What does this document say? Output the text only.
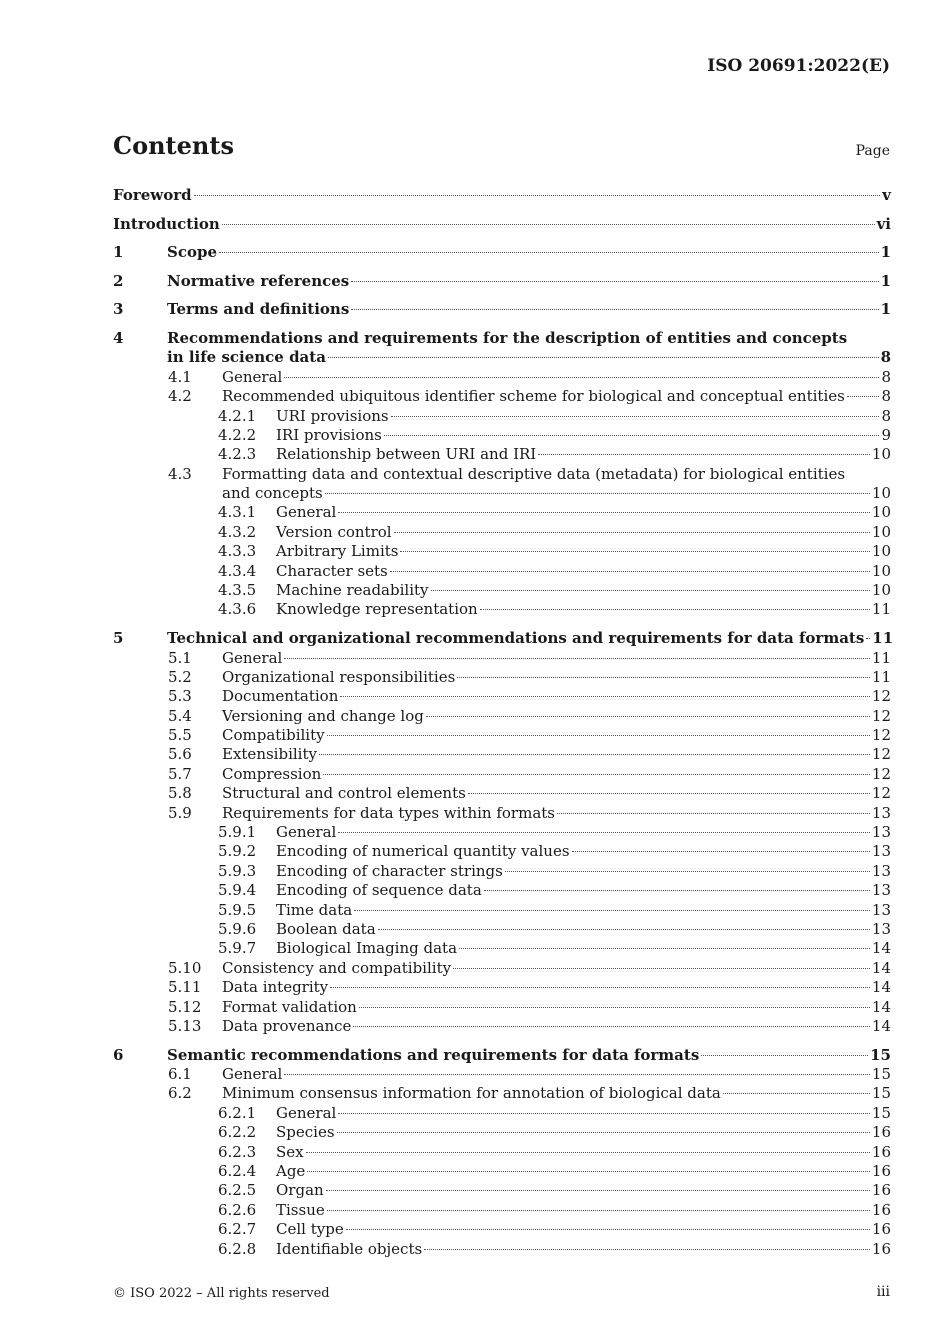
ISO 20691:2022(E)
Contents	Page
Foreword	v
Introduction	vi
1	Scope	1
2	Normative references	1
3	Terms and definitions	1
4	Recommendations and requirements for the description of entities and concepts
in life science data	8
4.1 General	8
4.2 Recommended ubiquitous identifier scheme for biological and conceptual entities 8
4.2.1 URI provisions	8
4.2.2 IRI provisions	9
4.2.3 Relationship between URI and IRI	10
4.3 Formatting data and contextual descriptive data (metadata) for biological entities
and concepts	10
4.3.1 General	10
4.3.2 Version control	10
4.3.3 Arbitrary Limits	10
4.3.4 Character sets	10
4.3.5 Machine readability	10
4.3.6 Knowledge representation	11
5	Technical and organizational recommendations and requirements for data formats 11
5.1 General	11
5.2 Organizational responsibilities	11
5.3 Documentation	12
5.4 Versioning and change log	12
5.5 Compatibility	12
5.6 Extensibility	12
5.7 Compression	12
5.8 Structural and control elements	12
5.9 Requirements for data types within formats	13
5.9.1 General	13
5.9.2 Encoding of numerical quantity values	13
5.9.3 Encoding of character strings	13
5.9.4 Encoding of sequence data	13
5.9.5 Time data	13
5.9.6 Boolean data	13
5.9.7 Biological Imaging data	14
5.10 Consistency and compatibility	14
5.11 Data integrity	14
5.12 Format validation	14
5.13 Data provenance	14
6	Semantic recommendations and requirements for data formats	15
6.1 General	15
6.2 Minimum consensus information for annotation of biological data	15
6.2.1 General	15
6.2.2 Species	16
6.2.3 Sex	16
6.2.4 Age	16
6.2.5 Organ	16
6.2.6 Tissue	16
6.2.7 Cell type	16
6.2.8 Identifiable objects	16
© ISO 2022 – All rights reserved	iii
